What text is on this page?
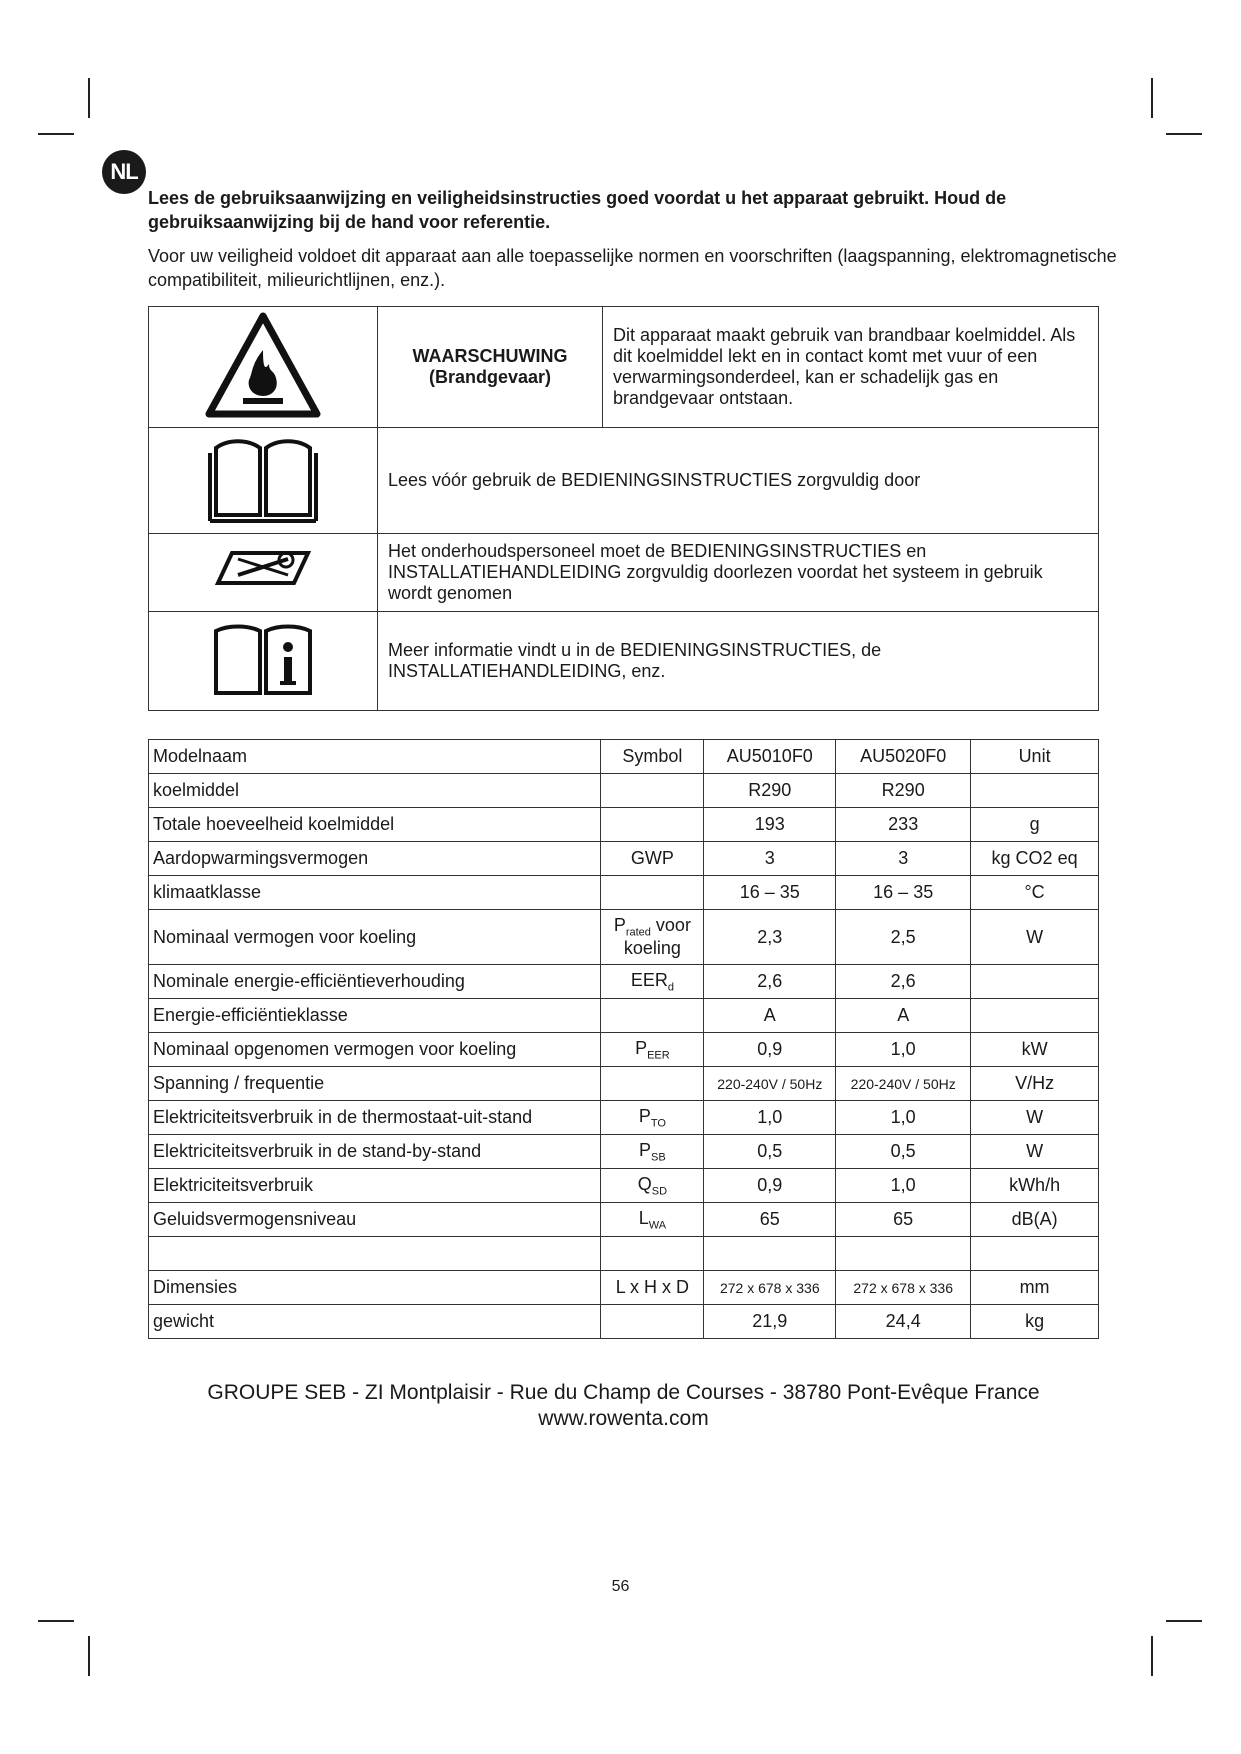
NL
Lees de gebruiksaanwijzing en veiligheidsinstructies goed voordat u het apparaat gebruikt. Houd de gebruiksaanwijzing bij de hand voor referentie.
Voor uw veiligheid voldoet dit apparaat aan alle toepasselijke normen en voorschriften (laagspanning, elektromagnetische compatibiliteit, milieurichtlijnen, enz.).

WAARSCHUWING
(Brandgevaar)	Dit apparaat maakt gebruik van brandbaar koelmiddel. Als dit koelmiddel lekt en in contact komt met vuur of een verwarmingsonderdeel, kan er schadelijk gas en brandgevaar ontstaan.
	Lees vóór gebruik de BEDIENINGSINSTRUCTIES zorgvuldig door	
	Het onderhoudspersoneel moet de BEDIENINGSINSTRUCTIES en INSTALLATIEHANDLEIDING zorgvuldig doorlezen voordat het systeem in gebruik wordt genomen	
	Meer informatie vindt u in de BEDIENINGSINSTRUCTIES, de INSTALLATIEHANDLEIDING, enz.	
Modelnaam	Symbol	AU5010F0	AU5020F0	Unit
koelmiddel		R290	R290	
Totale hoeveelheid koelmiddel		193	233	g
Aardopwarmingsvermogen	GWP	3	3	kg CO2 eq
klimaatklasse		16 – 35	16 – 35	°C
Nominaal vermogen voor koeling	$P_{rated}$ voor koeling	2,3	2,5	W
Nominale energie-efficiëntieverhouding	$EER_d$	2,6	2,6	
Energie-efficiëntieklasse		A	A	
Nominaal opgenomen vermogen voor koeling	$P_{EER}$	0,9	1,0	kW
Spanning / frequentie		220-240V / 50Hz	220-240V / 50Hz	V/Hz
Elektriciteitsverbruik in de thermostaat-uit-stand	$P_{TO}$	1,0	1,0	W
Elektriciteitsverbruik in de stand-by-stand	$P_{SB}$	0,5	0,5	W
Elektriciteitsverbruik	$Q_{SD}$	0,9	1,0	kWh/h
Geluidsvermogensniveau	$L_{WA}$	65	65	dB(A)

Dimensies	L x H x D	272 x 678 x 336	272 x 678 x 336	mm
gewicht		21,9	24,4	kg
GROUPE SEB - ZI Montplaisir - Rue du Champ de Courses - 38780 Pont-Evêque France
www.rowenta.com
56
